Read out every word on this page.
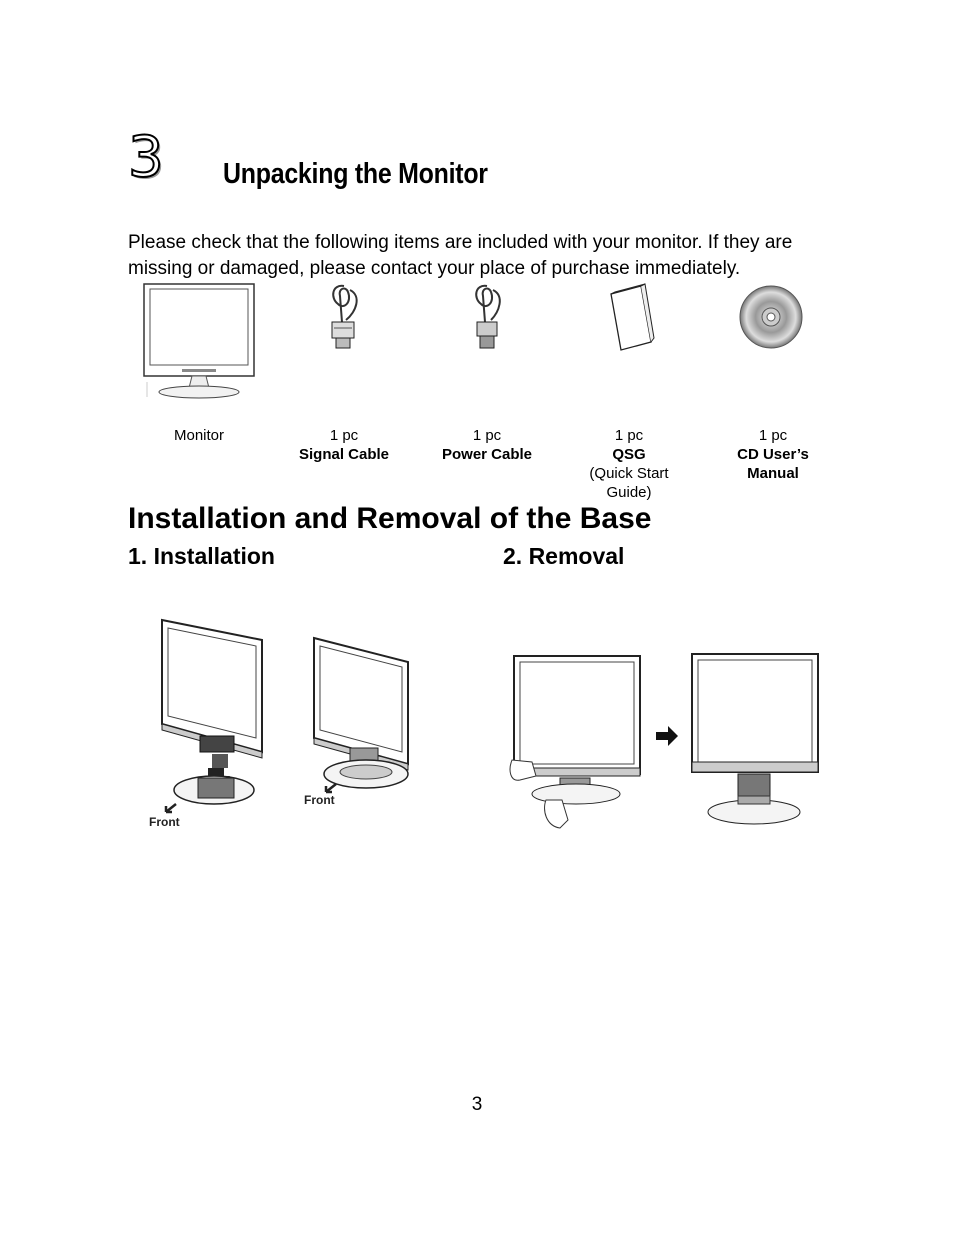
3 Unpacking the Monitor
Please check that the following items are included with your monitor. If they are missing or damaged, please contact your place of purchase immediately.
Monitor	1 pc
Signal Cable
1 pc
Power Cable
1 pc
QSG
(Quick Start Guide)
1 pc
CD User’s Manual
Installation and Removal of the Base
1. Installation	2. Removal
Front
Front
3
